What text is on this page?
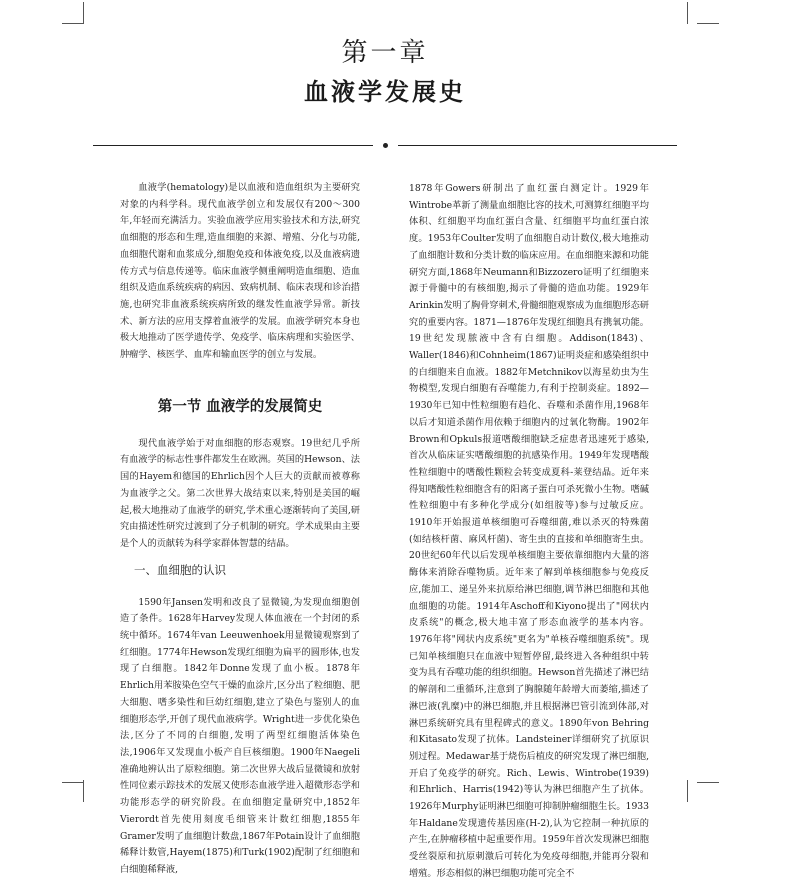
第一章
血液学发展史

血液学(hematology)是以血液和造血组织为主要研究对象的内科学科。现代血液学创立和发展仅有200～300年,年轻而充满活力。实验血液学应用实验技术和方法,研究血细胞的形态和生理,造血细胞的来源、增殖、分化与功能,血细胞代谢和血浆成分,细胞免疫和体液免疫,以及血液病遗传方式与信息传递等。临床血液学侧重阐明造血细胞、造血组织及造血系统疾病的病因、致病机制、临床表现和诊治措施,也研究非血液系统疾病所致的继发性血液学异常。新技术、新方法的应用支撑着血液学的发展。血液学研究本身也极大地推动了医学遗传学、免疫学、临床病理和实验医学、肿瘤学、核医学、血库和输血医学的创立与发展。

第一节 血液学的发展简史

现代血液学始于对血细胞的形态观察。19世纪几乎所有血液学的标志性事件都发生在欧洲。英国的Hewson、法国的Hayem和德国的Ehrlich因个人巨大的贡献而被尊称为血液学之父。第二次世界大战结束以来,特别是美国的崛起,极大地推动了血液学的研究,学术重心逐渐转向了美国,研究由描述性研究过渡到了分子机制的研究。学术成果由主要是个人的贡献转为科学家群体智慧的结晶。

一、血细胞的认识

1590年Jansen发明和改良了显微镜,为发现血细胞创造了条件。1628年Harvey发现人体血液在一个封闭的系统中循环。1674年van Leeuwenhoek用显微镜观察到了红细胞。1774年Hewson发现红细胞为扁平的圆形体,也发现了白细胞。1842年Donne发现了血小板。1878年Ehrlich用苯胺染色空气干燥的血涂片,区分出了粒细胞、肥大细胞、嗜多染性和巨幼红细胞,建立了染色与鉴别人的血细胞形态学,开创了现代血液病学。Wright进一步优化染色法,区分了不同的白细胞,发明了两型红细胞活体染色法,1906年又发现血小板产自巨核细胞。1900年Naegeli准确地辨认出了原粒细胞。第二次世界大战后显微镜和放射性同位素示踪技术的发展又使形态血液学进入超微形态学和功能形态学的研究阶段。在血细胞定量研究中,1852年Vierordt首先使用刻度毛细管来计数红细胞,1855年Gramer发明了血细胞计数盘,1867年Potain设计了血细胞稀释计数管,Hayem(1875)和Turk(1902)配制了红细胞和白细胞稀释液,

1878年Gowers研制出了血红蛋白测定计。1929年Wintrobe革新了测量血细胞比容的技术,可测算红细胞平均体积、红细胞平均血红蛋白含量、红细胞平均血红蛋白浓度。1953年Coulter发明了血细胞自动计数仪,极大地推动了血细胞计数和分类计数的临床应用。在血细胞来源和功能研究方面,1868年Neumann和Bizzozero证明了红细胞来源于骨髓中的有核细胞,揭示了骨髓的造血功能。1929年Arinkin发明了胸骨穿刺术,骨髓细胞观察成为血细胞形态研究的重要内容。1871—1876年发现红细胞具有携氧功能。19世纪发现脓液中含有白细胞。Addison(1843)、Waller(1846)和Cohnheim(1867)证明炎症和感染组织中的白细胞来自血液。1882年Metchnikov以海星幼虫为生物模型,发现白细胞有吞噬能力,有利于控制炎症。1892—1930年已知中性粒细胞有趋化、吞噬和杀菌作用,1968年以后才知道杀菌作用依赖于细胞内的过氧化物酶。1902年Brown和Opkuls报道嗜酸细胞缺乏症患者迅速死于感染,首次从临床证实嗜酸细胞的抗感染作用。1949年发现嗜酸性粒细胞中的嗜酸性颗粒会转变成夏科-莱登结晶。近年来得知嗜酸性粒细胞含有的阳离子蛋白可杀死微小生物。嗜碱性粒细胞中有多种化学成分(如组胺等)参与过敏反应。1910年开始报道单核细胞可吞噬细菌,难以杀灭的特殊菌(如结核杆菌、麻风杆菌)、寄生虫的直接和单细胞寄生虫。20世纪60年代以后发现单核细胞主要依靠细胞内大量的溶酶体来消除吞噬物质。近年来了解到单核细胞参与免疫反应,能加工、递呈外来抗原给淋巴细胞,调节淋巴细胞和其他血细胞的功能。1914年Aschoff和Kiyono提出了"网状内皮系统"的概念,极大地丰富了形态血液学的基本内容。1976年将"网状内皮系统"更名为"单核吞噬细胞系统"。现已知单核细胞只在血液中短暂停留,最终进入各种组织中转变为具有吞噬功能的组织细胞。Hewson首先描述了淋巴结的解剖和二重循环,注意到了胸腺随年龄增大而萎缩,描述了淋巴液(乳糜)中的淋巴细胞,并且根据淋巴管引流到体部,对淋巴系统研究具有里程碑式的意义。1890年von Behring和Kitasato发现了抗体。Landsteiner详细研究了抗原识别过程。Medawar基于烧伤后植皮的研究发现了淋巴细胞,开启了免疫学的研究。Rich、Lewis、Wintrobe(1939)和Ehrlich、Harris(1942)等认为淋巴细胞产生了抗体。1926年Murphy证明淋巴细胞可抑制肿瘤细胞生长。1933年Haldane发现遗传基因座(H-2),认为它控制一种抗原的产生,在肿瘤移植中起重要作用。1959年首次发现淋巴细胞受丝裂原和抗原刺激后可转化为免疫母细胞,并能再分裂和增殖。形态相似的淋巴细胞功能可完全不
